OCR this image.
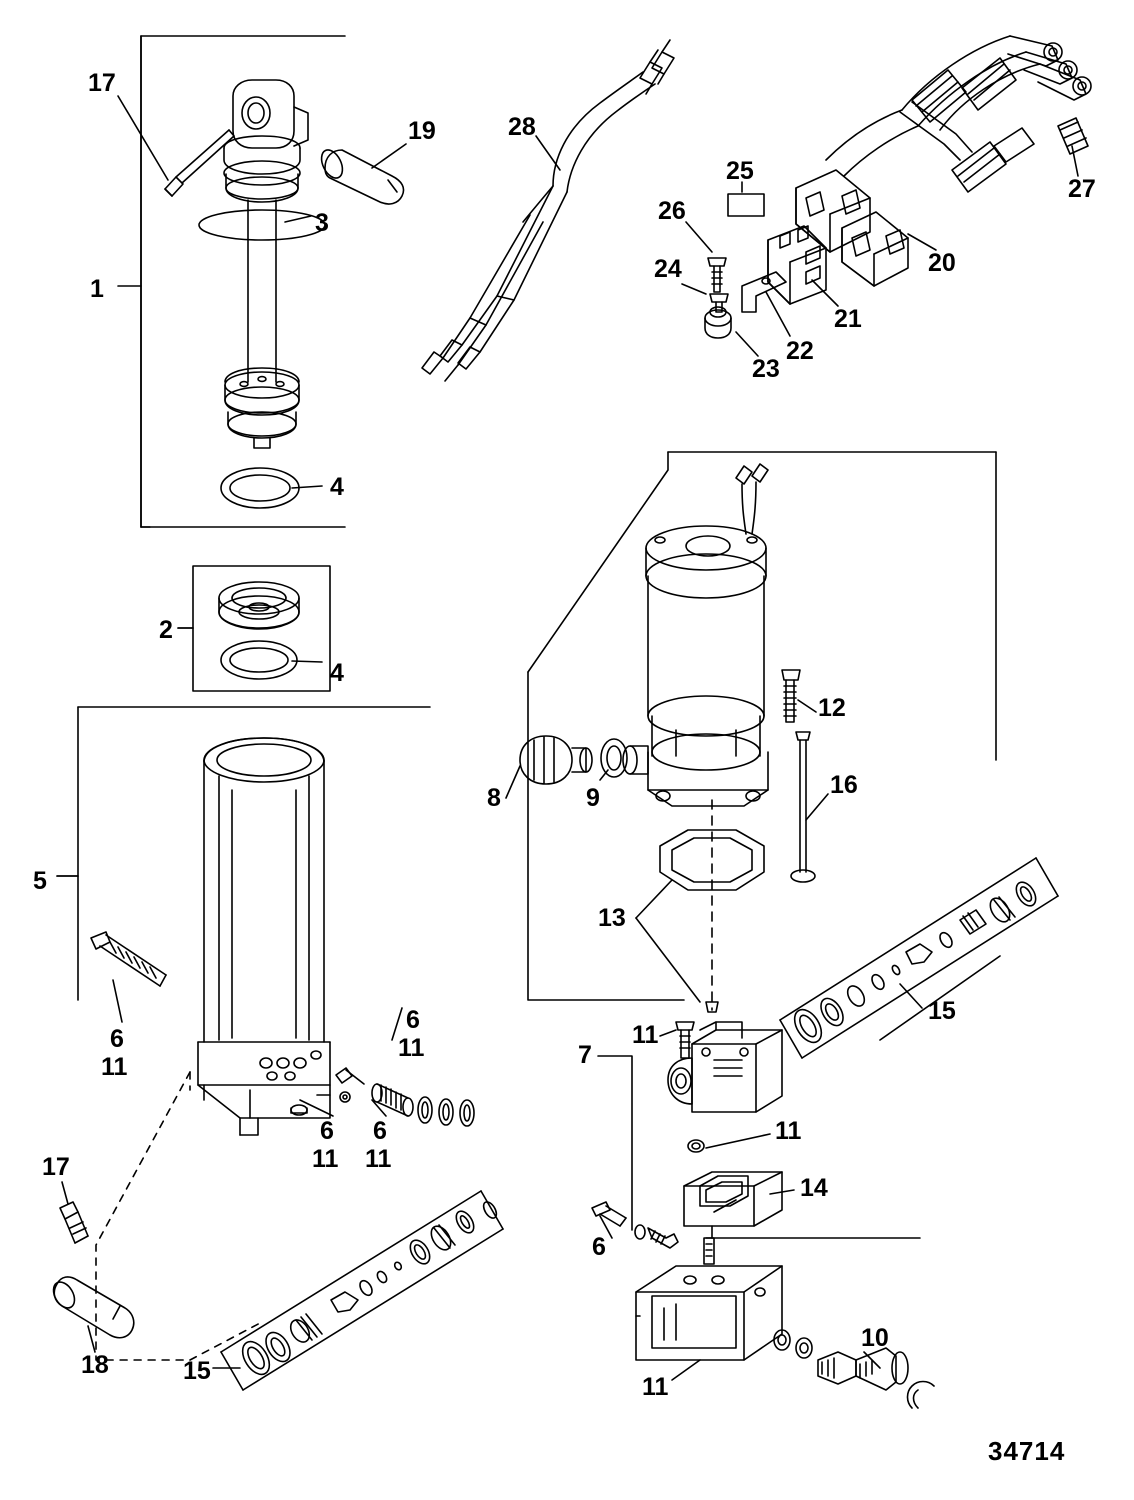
1
2
3
4
4
5
6
11
6
11
6
11
6
11
7
8	9
10
11
11
11
12
13
14
15
15
16
17
17
18
19
20
21
22
23
24
25
26
27
28
6
34714
